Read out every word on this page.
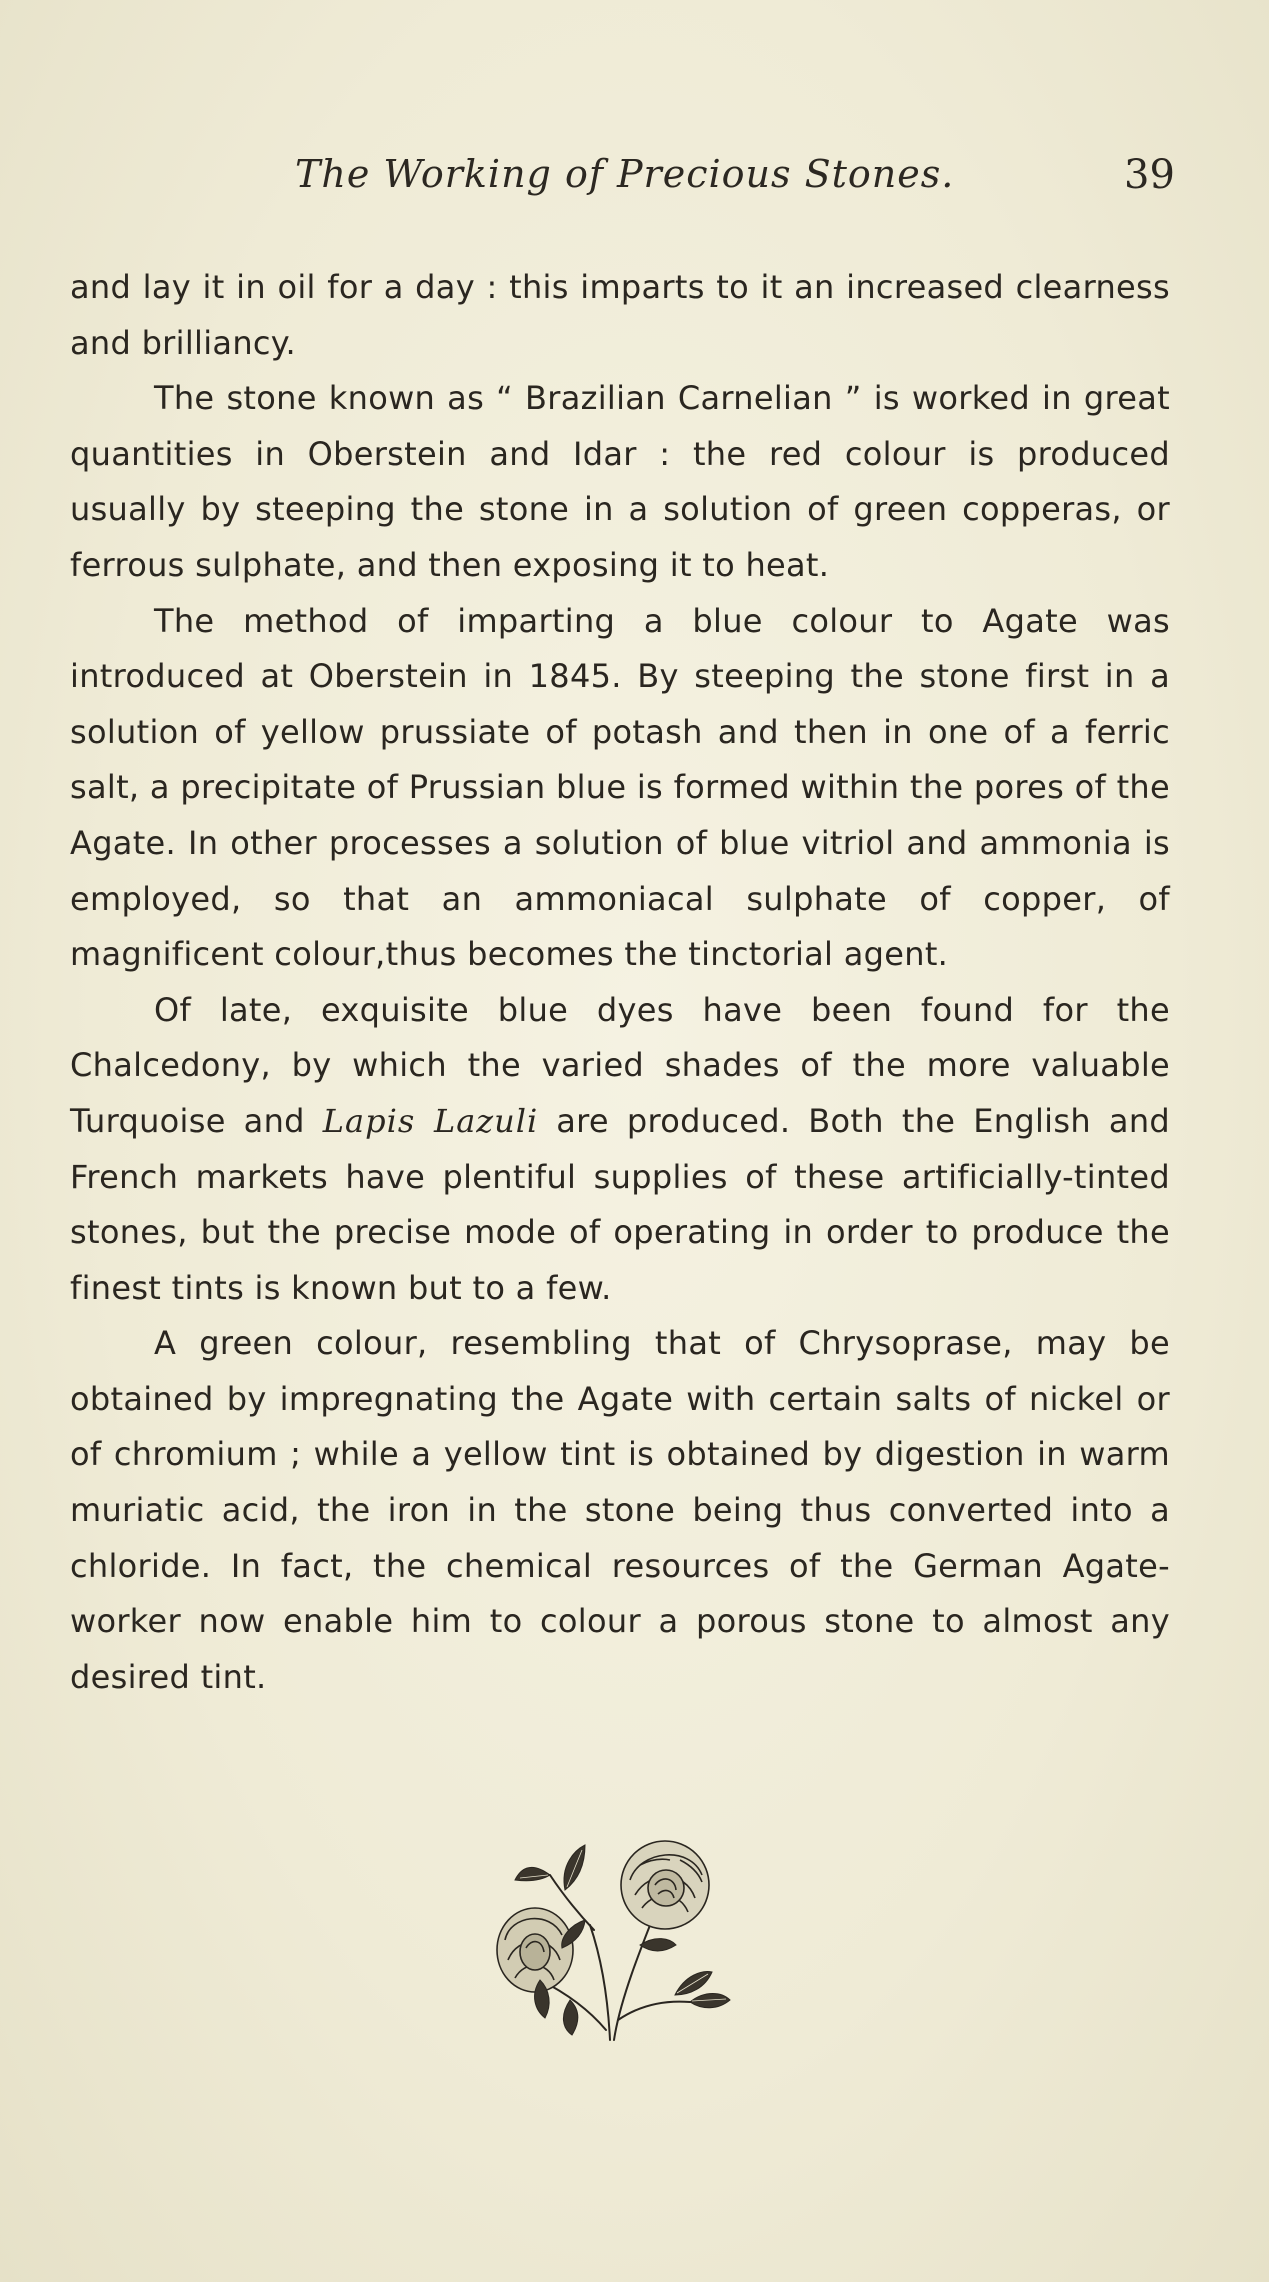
The Working of Precious Stones.	39

and lay it in oil for a day : this imparts to it an increased clearness and brilliancy.

The stone known as “ Brazilian Carnelian ” is worked in great quantities in Oberstein and Idar : the red colour is produced usually by steeping the stone in a solution of green copperas, or ferrous sulphate, and then exposing it to heat.

The method of imparting a blue colour to Agate was introduced at Oberstein in 1845. By steeping the stone first in a solution of yellow prussiate of potash and then in one of a ferric salt, a precipitate of Prussian blue is formed within the pores of the Agate. In other processes a solution of blue vitriol and ammonia is employed, so that an ammoniacal sulphate of copper, of magnificent colour,thus becomes the tinctorial agent.

Of late, exquisite blue dyes have been found for the Chalcedony, by which the varied shades of the more valuable Turquoise and Lapis Lazuli are produced. Both the English and French markets have plentiful supplies of these artificially-tinted stones, but the precise mode of operating in order to produce the finest tints is known but to a few.

A green colour, resembling that of Chrysoprase, may be obtained by impregnating the Agate with certain salts of nickel or of chromium ; while a yellow tint is obtained by digestion in warm muriatic acid, the iron in the stone being thus converted into a chloride. In fact, the chemical resources of the German Agate-worker now enable him to colour a porous stone to almost any desired tint.
